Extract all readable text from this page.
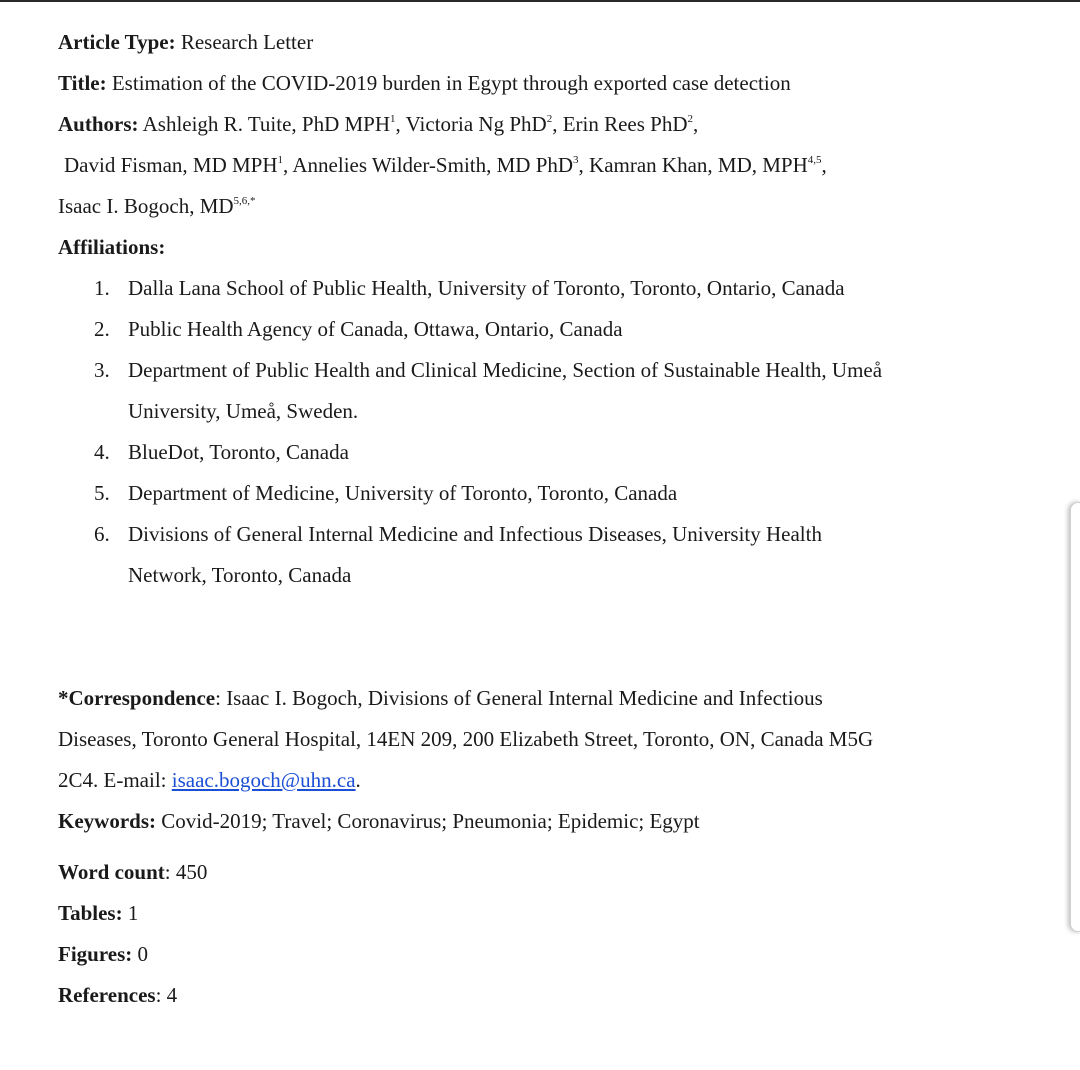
Article Type: Research Letter
Title: Estimation of the COVID-2019 burden in Egypt through exported case detection
Authors: Ashleigh R. Tuite, PhD MPH$^1$, Victoria Ng PhD$^2$, Erin Rees PhD$^2$,
David Fisman, MD MPH$^1$, Annelies Wilder-Smith, MD PhD$^3$, Kamran Khan, MD, MPH$^{4,5}$,
Isaac I. Bogoch, $MD^{5,6,*}$
Affiliations:
1. Dalla Lana School of Public Health, University of Toronto, Toronto, Ontario, Canada
2. Public Health Agency of Canada, Ottawa, Ontario, Canada
3. Department of Public Health and Clinical Medicine, Section of Sustainable Health, Umeå
University, Umeå, Sweden.
4. BlueDot, Toronto, Canada
5. Department of Medicine, University of Toronto, Toronto, Canada
6. Divisions of General Internal Medicine and Infectious Diseases, University Health
Network, Toronto, Canada
*Correspondence: Isaac I. Bogoch, Divisions of General Internal Medicine and Infectious
Diseases, Toronto General Hospital, 14EN 209, 200 Elizabeth Street, Toronto, ON, Canada M5G
2C4. E-mail: isaac.bogoch@uhn.ca.
Keywords: Covid-2019; Travel; Coronavirus; Pneumonia; Epidemic; Egypt
Word count: 450
Tables: 1
Figures: 0
References: 4
